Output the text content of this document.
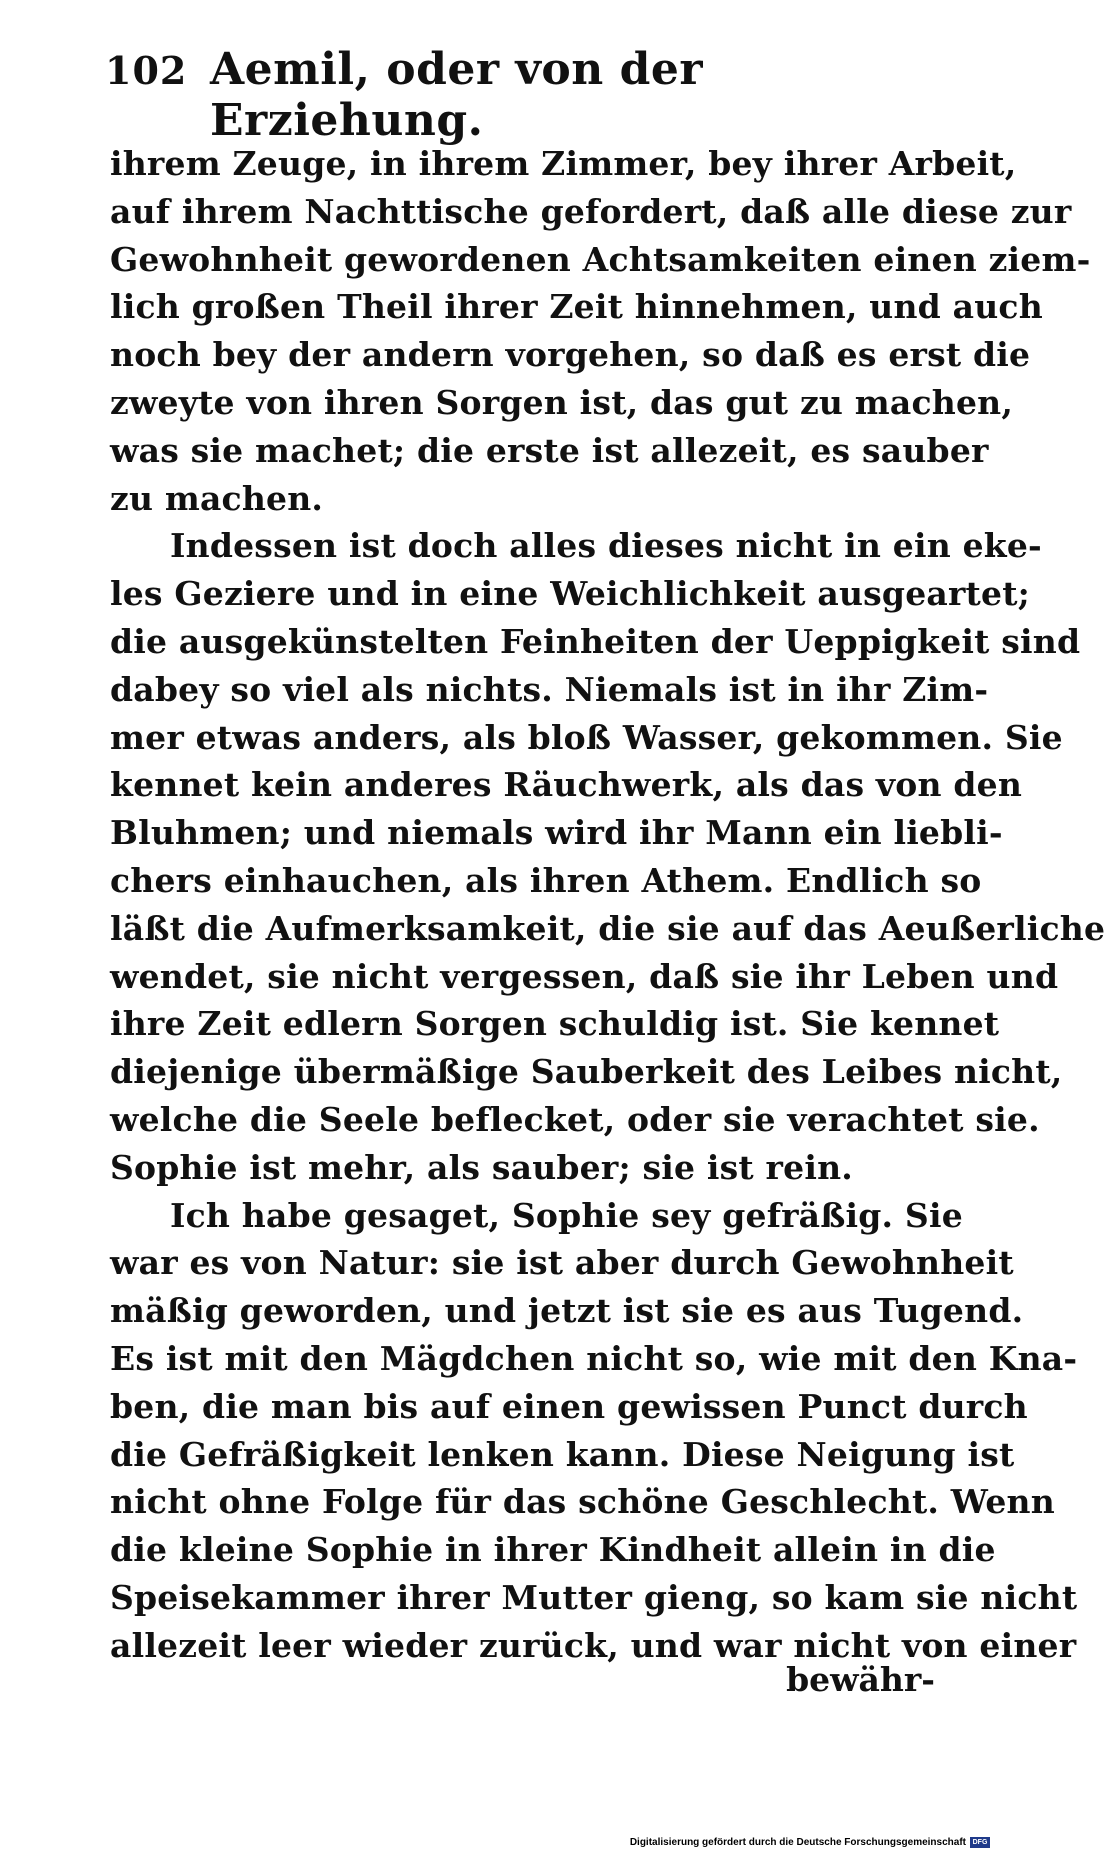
102 Aemil, oder von der Erziehung.
ihrem Zeuge, in ihrem Zimmer, bey ihrer Arbeit,
auf ihrem Nachttische gefordert, daß alle diese zur
Gewohnheit gewordenen Achtsamkeiten einen ziem-
lich großen Theil ihrer Zeit hinnehmen, und auch
noch bey der andern vorgehen, so daß es erst die
zweyte von ihren Sorgen ist, das gut zu machen,
was sie machet; die erste ist allezeit, es sauber
zu machen.
Indessen ist doch alles dieses nicht in ein eke-
les Geziere und in eine Weichlichkeit ausgeartet;
die ausgekünstelten Feinheiten der Ueppigkeit sind
dabey so viel als nichts. Niemals ist in ihr Zim-
mer etwas anders, als bloß Wasser, gekommen. Sie
kennet kein anderes Räuchwerk, als das von den
Bluhmen; und niemals wird ihr Mann ein liebli-
chers einhauchen, als ihren Athem. Endlich so
läßt die Aufmerksamkeit, die sie auf das Aeußerliche
wendet, sie nicht vergessen, daß sie ihr Leben und
ihre Zeit edlern Sorgen schuldig ist. Sie kennet
diejenige übermäßige Sauberkeit des Leibes nicht,
welche die Seele beflecket, oder sie verachtet sie.
Sophie ist mehr, als sauber; sie ist rein.
Ich habe gesaget, Sophie sey gefräßig. Sie
war es von Natur: sie ist aber durch Gewohnheit
mäßig geworden, und jetzt ist sie es aus Tugend.
Es ist mit den Mägdchen nicht so, wie mit den Kna-
ben, die man bis auf einen gewissen Punct durch
die Gefräßigkeit lenken kann. Diese Neigung ist
nicht ohne Folge für das schöne Geschlecht. Wenn
die kleine Sophie in ihrer Kindheit allein in die
Speisekammer ihrer Mutter gieng, so kam sie nicht
allezeit leer wieder zurück, und war nicht von einer
bewähr-
Digitalisierung gefördert durch die Deutsche Forschungsgemeinschaft DFG
